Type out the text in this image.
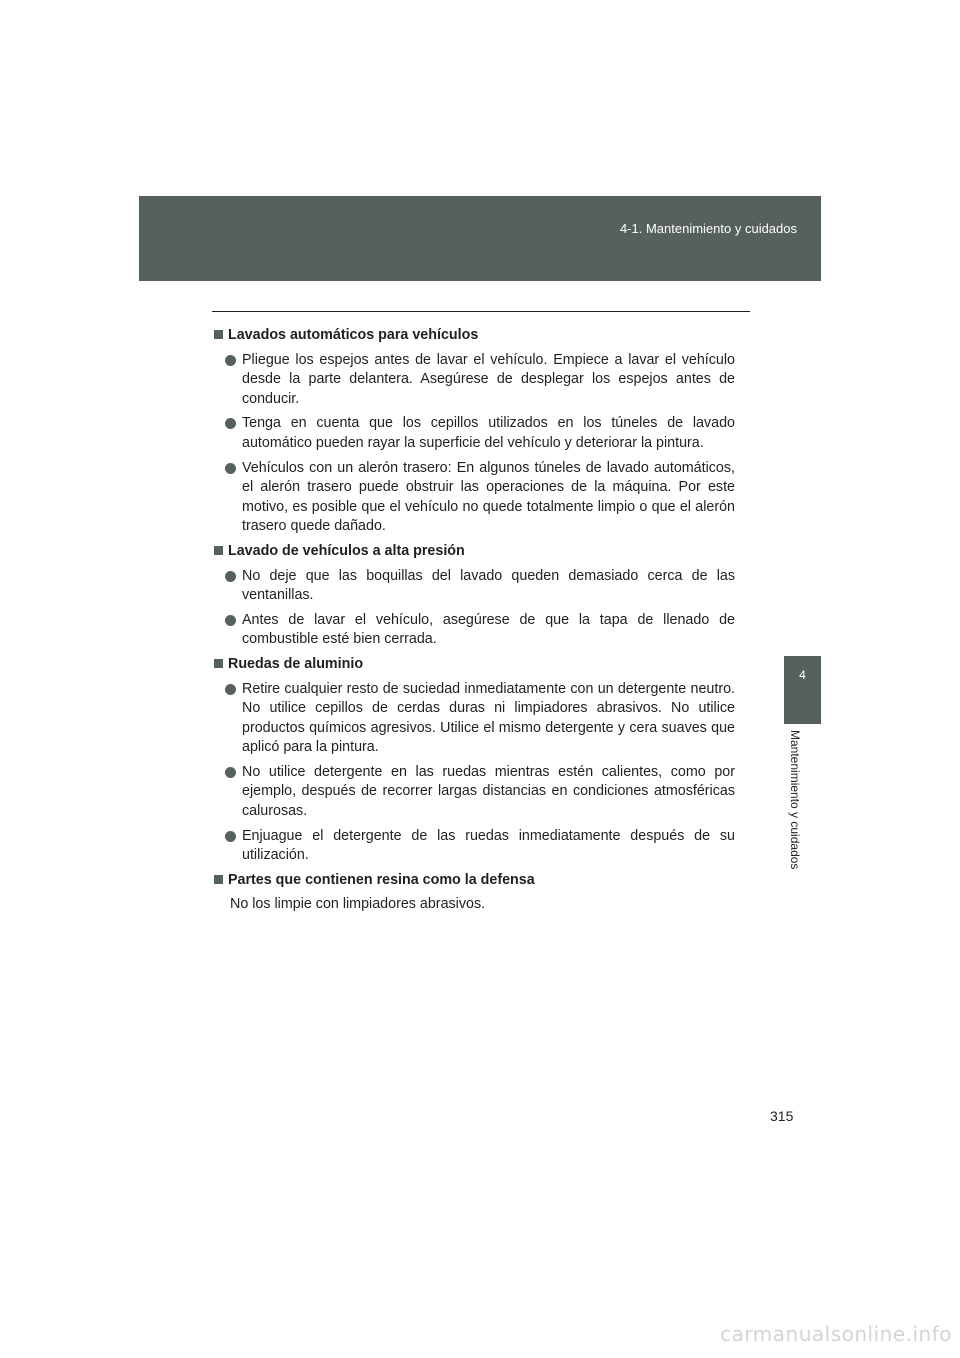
4-1. Mantenimiento y cuidados
4
Mantenimiento y cuidados
Lavados automáticos para vehículos
Pliegue los espejos antes de lavar el vehículo. Empiece a lavar el vehículo desde la parte delantera. Asegúrese de desplegar los espejos antes de conducir.
Tenga en cuenta que los cepillos utilizados en los túneles de lavado automático pueden rayar la superficie del vehículo y deteriorar la pintura.
Vehículos con un alerón trasero: En algunos túneles de lavado automáticos, el alerón trasero puede obstruir las operaciones de la máquina. Por este motivo, es posible que el vehículo no quede totalmente limpio o que el alerón trasero quede dañado.
Lavado de vehículos a alta presión
No deje que las boquillas del lavado queden demasiado cerca de las ventanillas.
Antes de lavar el vehículo, asegúrese de que la tapa de llenado de combustible esté bien cerrada.
Ruedas de aluminio
Retire cualquier resto de suciedad inmediatamente con un detergente neutro. No utilice cepillos de cerdas duras ni limpiadores abrasivos. No utilice productos químicos agresivos. Utilice el mismo detergente y cera suaves que aplicó para la pintura.
No utilice detergente en las ruedas mientras estén calientes, como por ejemplo, después de recorrer largas distancias en condiciones atmosféricas calurosas.
Enjuague el detergente de las ruedas inmediatamente después de su utilización.
Partes que contienen resina como la defensa
No los limpie con limpiadores abrasivos.
315
carmanualsonline.info
